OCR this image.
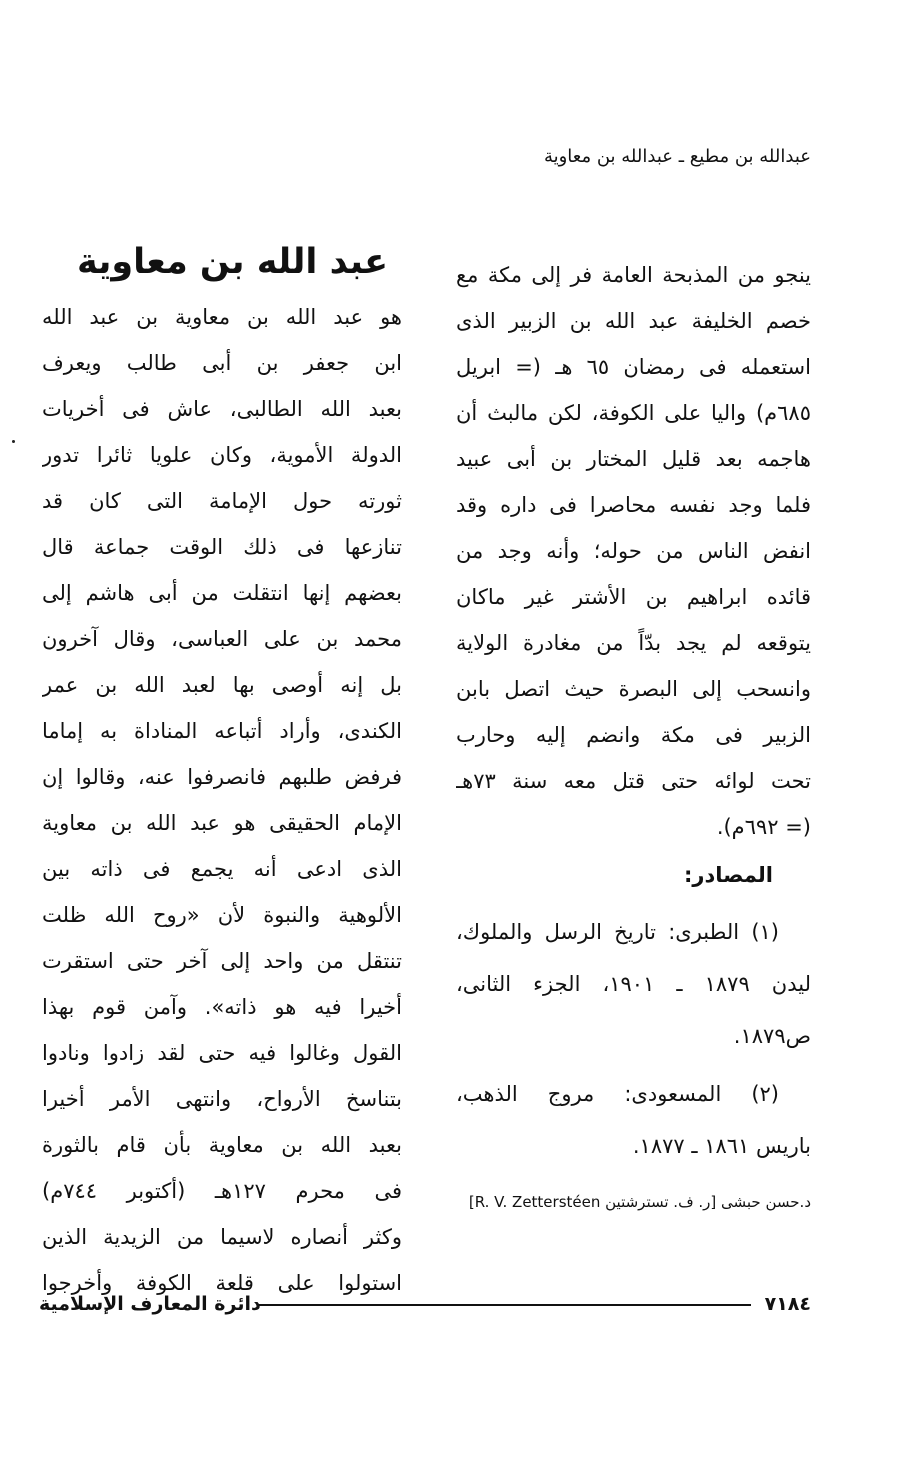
عبدالله بن مطيع ـ عبدالله بن معاوية
ينجو من المذبحة العامة فر إلى مكة مع
خصم الخليفة عبد الله بن الزبير الذى
استعمله فى رمضان ٦٥ هـ (= ابريل
٦٨٥م) واليا على الكوفة، لكن مالبث أن
هاجمه بعد قليل المختار بن أبى عبيد
فلما وجد نفسه محاصرا فى داره وقد
انفض الناس من حوله؛ وأنه وجد من
قائده ابراهيم بن الأشتر غير ماكان
يتوقعه لم يجد بدّاً من مغادرة الولاية
وانسحب إلى البصرة حيث اتصل بابن
الزبير فى مكة وانضم إليه وحارب
تحت لوائه حتى قتل معه سنة ٧٣هـ
(= ٦٩٢م).
المصادر:
(١) الطبرى: تاريخ الرسل والملوك،
ليدن ١٨٧٩ ـ ١٩٠١، الجزء الثانى،
ص١٨٧٩.
(٢) المسعودى: مروج الذهب،
باريس ١٨٦١ ـ ١٨٧٧.
د.حسن حبشى [ر. ف. تسترشتين R. V. Zetterstéen]
عبد الله بن معاوية
هو عبد الله بن معاوية بن عبد الله
ابن جعفر بن أبى طالب ويعرف
بعبد الله الطالبى، عاش فى أخريات
الدولة الأموية، وكان علويا ثائرا تدور
ثورته حول الإمامة التى كان قد
تنازعها فى ذلك الوقت جماعة قال
بعضهم إنها انتقلت من أبى هاشم إلى
محمد بن على العباسى، وقال آخرون
بل إنه أوصى بها لعبد الله بن عمر
الكندى، وأراد أتباعه المناداة به إماما
فرفض طلبهم فانصرفوا عنه، وقالوا إن
الإمام الحقيقى هو عبد الله بن معاوية
الذى ادعى أنه يجمع فى ذاته بين
الألوهية والنبوة لأن «روح الله ظلت
تنتقل من واحد إلى آخر حتى استقرت
أخيرا فيه هو ذاته». وآمن قوم بهذا
القول وغالوا فيه حتى لقد زادوا ونادوا
بتناسخ الأرواح، وانتهى الأمر أخيرا
بعبد الله بن معاوية بأن قام بالثورة
فى محرم ١٢٧هـ (أكتوبر ٧٤٤م)
وكثر أنصاره لاسيما من الزيدية الذين
استولوا على قلعة الكوفة وأخرجوا
٧١٨٤
دائرة المعارف الإسلامية
